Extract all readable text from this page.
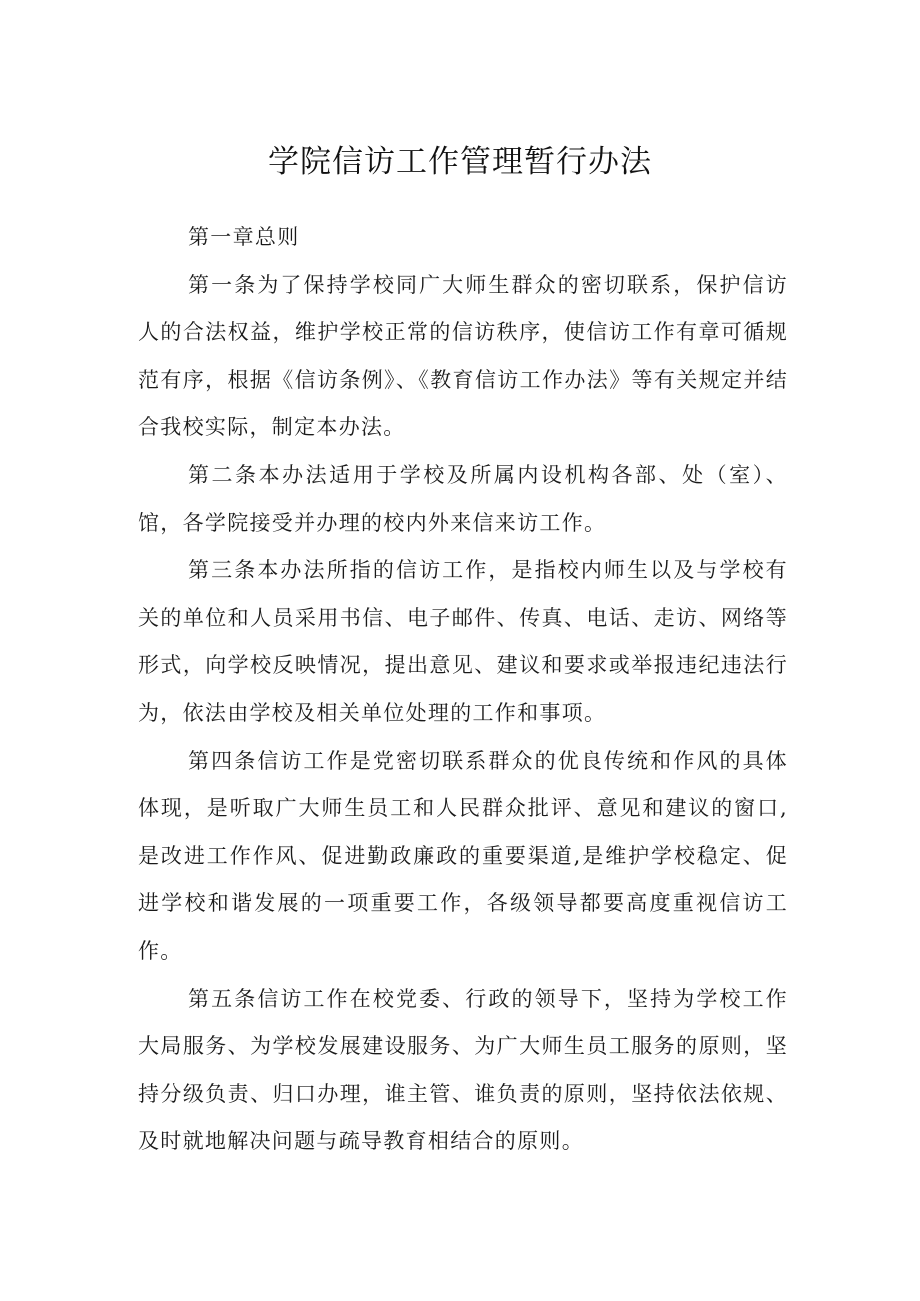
学院信访工作管理暂行办法

第一章总则

第一条为了保持学校同广大师生群众的密切联系，保护信访人的合法权益，维护学校正常的信访秩序，使信访工作有章可循规范有序，根据《信访条例》、《教育信访工作办法》等有关规定并结合我校实际，制定本办法。

第二条本办法适用于学校及所属内设机构各部、处（室）、馆，各学院接受并办理的校内外来信来访工作。

第三条本办法所指的信访工作，是指校内师生以及与学校有关的单位和人员采用书信、电子邮件、传真、电话、走访、网络等形式，向学校反映情况，提出意见、建议和要求或举报违纪违法行为，依法由学校及相关单位处理的工作和事项。

第四条信访工作是党密切联系群众的优良传统和作风的具体体现，是听取广大师生员工和人民群众批评、意见和建议的窗口,是改进工作作风、促进勤政廉政的重要渠道,是维护学校稳定、促进学校和谐发展的一项重要工作，各级领导都要高度重视信访工作。

第五条信访工作在校党委、行政的领导下，坚持为学校工作大局服务、为学校发展建设服务、为广大师生员工服务的原则，坚持分级负责、归口办理，谁主管、谁负责的原则，坚持依法依规、及时就地解决问题与疏导教育相结合的原则。
